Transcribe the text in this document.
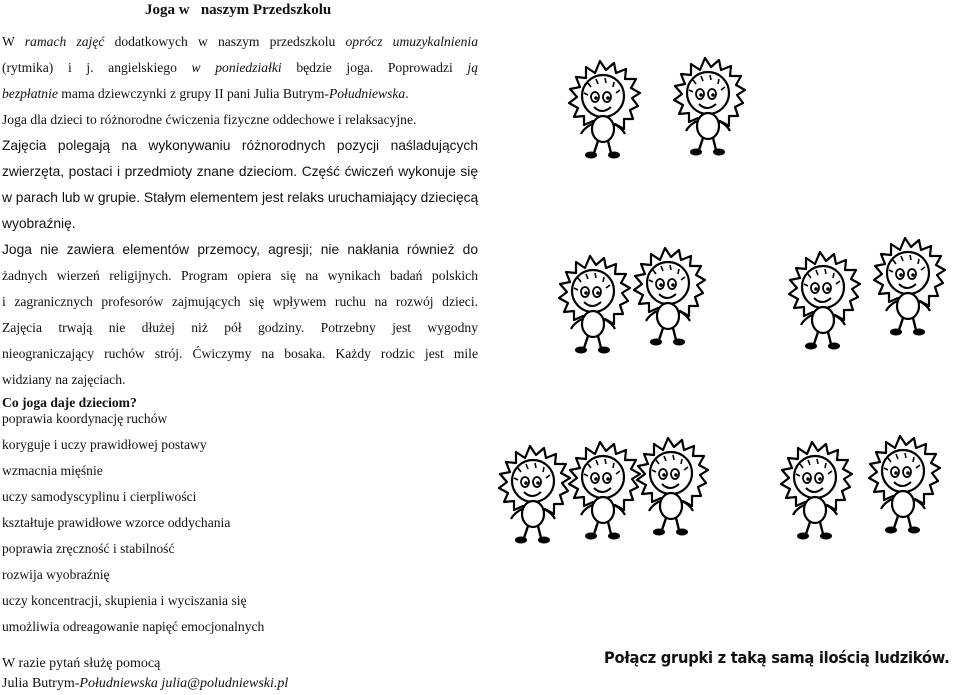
Joga w   naszym Przedszkolu
W ramach zajęć dodatkowych w naszym przedszkolu oprócz umuzykalnienia
(rytmika) i j. angielskiego w poniedziałki będzie joga. Poprowadzi ją
bezpłatnie mama dziewczynki z grupy II pani Julia Butrym-Południewska.
Joga dla dzieci to różnorodne ćwiczenia fizyczne oddechowe i relaksacyjne.
Zajęcia polegają na wykonywaniu różnorodnych pozycji naśladujących
zwierzęta, postaci i przedmioty znane dzieciom. Część ćwiczeń wykonuje się
w parach lub w grupie. Stałym elementem jest relaks uruchamiający dziecięcą
wyobraźnię.
Joga nie zawiera elementów przemocy, agresji; nie nakłania również do
żadnych wierzeń religijnych. Program opiera się na wynikach badań polskich
i zagranicznych profesorów zajmujących się wpływem ruchu na rozwój dzieci.
Zajęcia trwają nie dłużej niż pół godziny. Potrzebny jest wygodny
nieograniczający ruchów strój. Ćwiczymy na bosaka. Każdy rodzic jest mile
widziany na zajęciach.
Co joga daje dzieciom?
poprawia koordynację ruchów
koryguje i uczy prawidłowej postawy
wzmacnia mięśnie
uczy samodyscyplinu i cierpliwości
kształtuje prawidłowe wzorce oddychania
poprawia zręczność i stabilność
rozwija wyobraźnię
uczy koncentracji, skupienia i wyciszania się
umożliwia odreagowanie napięć emocjonalnych
W razie pytań służę pomocą
Julia Butrym-Południewska julia@poludniewski.pl
Połącz grupki z taką samą ilością ludzików.
